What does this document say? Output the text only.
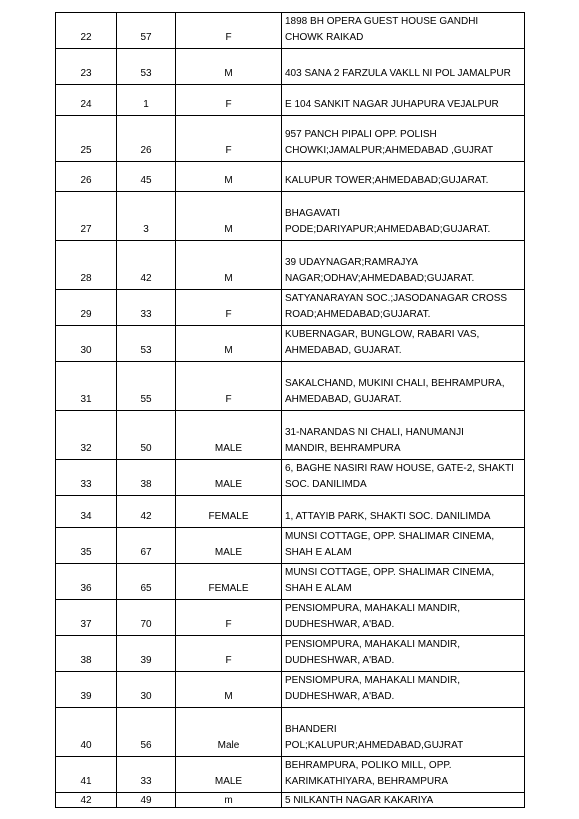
22	57	F	1898 BH OPERA GUEST HOUSE GANDHI
CHOWK RAIKAD
23	53	M	403 SANA 2 FARZULA VAKLL NI POL JAMALPUR
24	1	F	E 104 SANKIT NAGAR JUHAPURA VEJALPUR
25	26	F	957 PANCH PIPALI OPP. POLISH
CHOWKI;JAMALPUR;AHMEDABAD ,GUJRAT
26	45	M	KALUPUR TOWER;AHMEDABAD;GUJARAT.
27	3	M	BHAGAVATI
PODE;DARIYAPUR;AHMEDABAD;GUJARAT.
28	42	M	39 UDAYNAGAR;RAMRAJYA
NAGAR;ODHAV;AHMEDABAD;GUJARAT.
29	33	F	SATYANARAYAN SOC.;JASODANAGAR CROSS
ROAD;AHMEDABAD;GUJARAT.
30	53	M	KUBERNAGAR, BUNGLOW, RABARI VAS,
AHMEDABAD, GUJARAT.
31	55	F	SAKALCHAND, MUKINI CHALI, BEHRAMPURA,
AHMEDABAD, GUJARAT.
32	50	MALE	31-NARANDAS NI CHALI, HANUMANJI
MANDIR, BEHRAMPURA
33	38	MALE	6, BAGHE NASIRI RAW HOUSE, GATE-2, SHAKTI
SOC. DANILIMDA
34	42	FEMALE	1, ATTAYIB PARK, SHAKTI SOC. DANILIMDA
35	67	MALE	MUNSI COTTAGE, OPP. SHALIMAR CINEMA,
SHAH E ALAM
36	65	FEMALE	MUNSI COTTAGE, OPP. SHALIMAR CINEMA,
SHAH E ALAM
37	70	F	PENSIOMPURA, MAHAKALI MANDIR,
DUDHESHWAR, A'BAD.
38	39	F	PENSIOMPURA, MAHAKALI MANDIR,
DUDHESHWAR, A'BAD.
39	30	M	PENSIOMPURA, MAHAKALI MANDIR,
DUDHESHWAR, A'BAD.
40	56	Male	BHANDERI
POL;KALUPUR;AHMEDABAD,GUJRAT
41	33	MALE	BEHRAMPURA, POLIKO MILL, OPP.
KARIMKATHIYARA, BEHRAMPURA
42	49	m	5 NILKANTH NAGAR KAKARIYA
